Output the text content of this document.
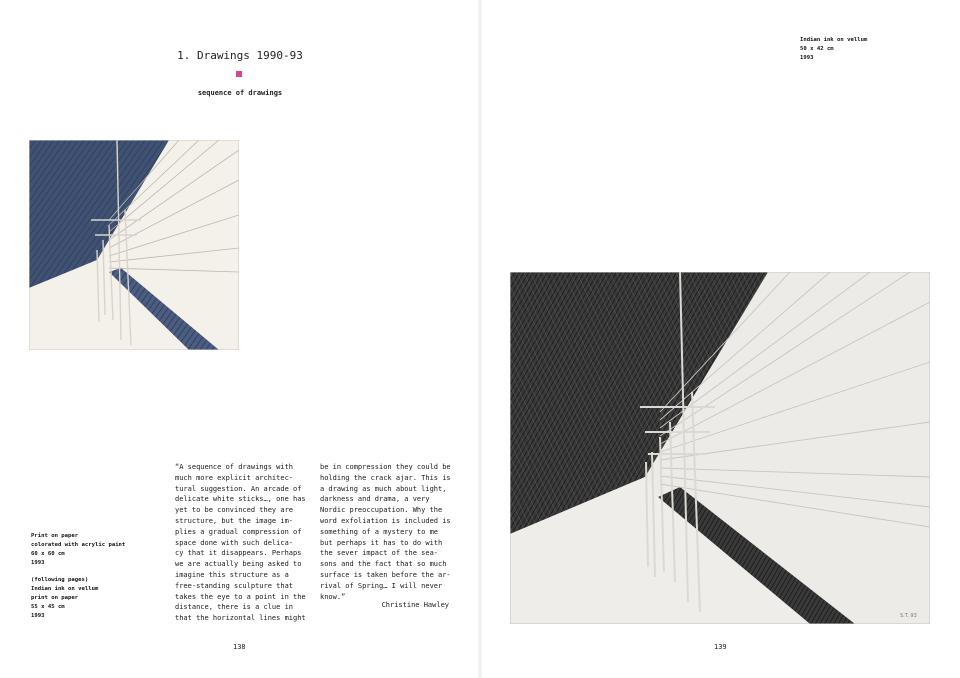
1. Drawings 1990-93
sequence of drawings
Print on paper
colorated with acrylic paint
60 x 60 cm
1993
(following pages)
Indian ink on vellum
print on paper
55 x 45 cm
1993
“A sequence of drawings with
much more explicit architec-
tural suggestion. An arcade of
delicate white sticks…, one has
yet to be convinced they are
structure, but the image im-
plies a gradual compression of
space done with such delica-
cy that it disappears. Perhaps
we are actually being asked to
imagine this structure as a
free-standing sculpture that
takes the eye to a point in the
distance, there is a clue in
that the horizontal lines might
be in compression they could be
holding the crack ajar. This is
a drawing as much about light,
darkness and drama, a very
Nordic preoccupation. Why the
word exfoliation is included is
something of a mystery to me
but perhaps it has to do with
the sever impact of the sea-
sons and the fact that so much
surface is taken before the ar-
rival of Spring… I will never
know.”
Christine Hawley
138
Indian ink on vellum
50 x 42 cm
1993
S.T. 93
139
